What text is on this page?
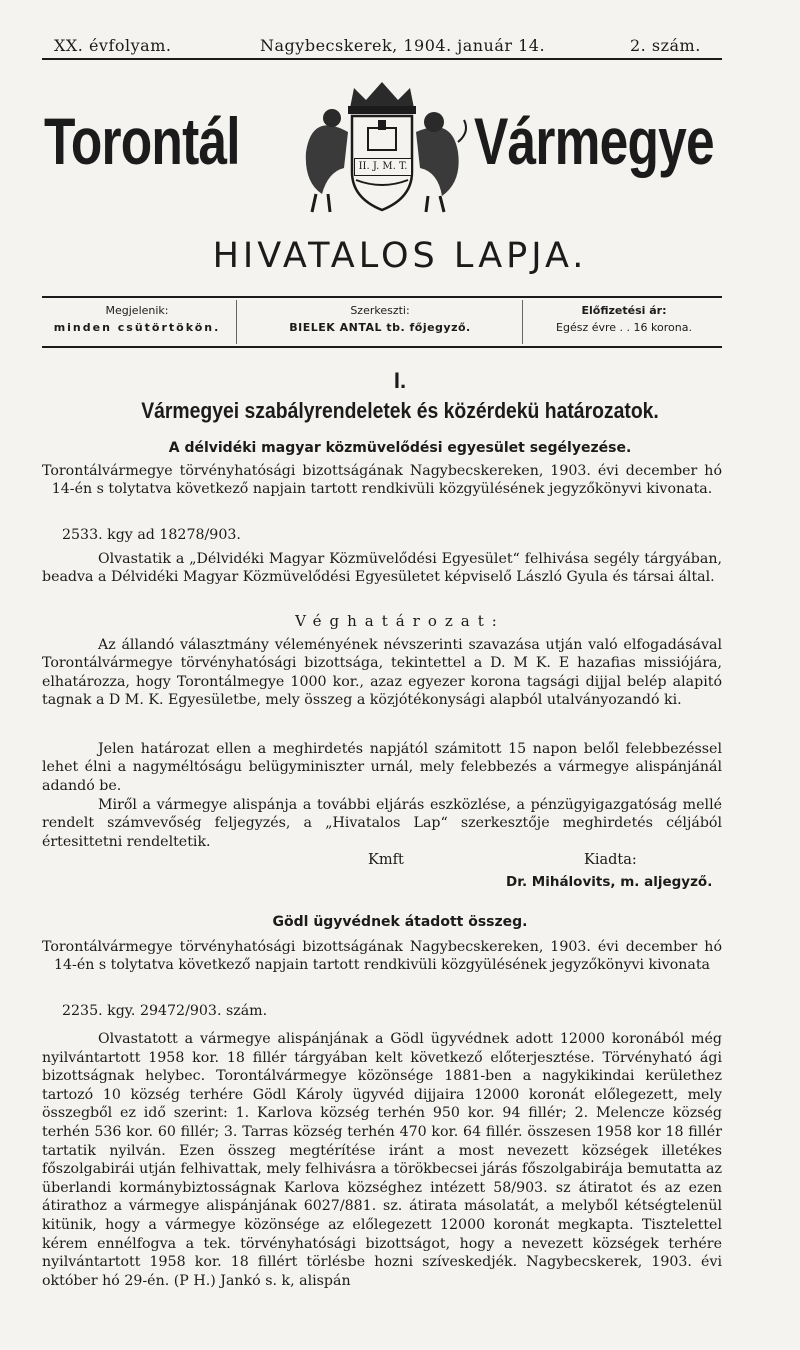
XX. évfolyam.	Nagybecskerek, 1904. január 14.	2. szám.
Torontál	Vármegye
II. J. M. T.
HIVATALOS LAPJA.
Megjelenik:
minden csütörtökön.
Szerkeszti:
BIELEK ANTAL tb. főjegyző.
Előfizetési ár:
Egész évre . . 16 korona.
I.
Vármegyei szabályrendeletek és közérdekü határozatok.
A délvidéki magyar közmüvelődési egyesület segélyezése.
Torontálvármegye törvényhatósági bizottságának Nagybecskereken, 1903. évi december hó 14-én s tolytatva következő napjain tartott rendkivüli közgyülésének jegyzőkönyvi kivonata.
2533. kgy ad 18278/903.
Olvastatik a „Délvidéki Magyar Közmüvelődési Egyesület“ felhivása segély tárgyában, beadva a Délvidéki Magyar Közmüvelődési Egyesületet képviselő László Gyula és társai által.
Véghatározat:
Az állandó választmány véleményének névszerinti szavazása utján való elfogadásával Torontálvármegye törvényhatósági bizottsága, tekintettel a D. M K. E hazafias missiójára, elhatározza, hogy Torontálmegye 1000 kor., azaz egyezer korona tagsági dijjal belép alapitó tagnak a D M. K. Egyesületbe, mely összeg a közjótékonysági alapból utalványozandó ki.
Jelen határozat ellen a meghirdetés napjától számitott 15 napon belől felebbezéssel lehet élni a nagyméltóságu belügyminiszter urnál, mely felebbezés a vármegye alispánjánál adandó be.
Miről a vármegye alispánja a további eljárás eszközlése, a pénzügyigazgatóság mellé rendelt számvevőség feljegyzés, a „Hivatalos Lap“ szerkesztője meghirdetés céljából értesittetni rendeltetik.
Kmft	Kiadta:
Dr. Mihálovits, m. aljegyző.
Gödl ügyvédnek átadott összeg.
Torontálvármegye törvényhatósági bizottságának Nagybecskereken, 1903. évi december hó 14-én s tolytatva következő napjain tartott rendkivüli közgyülésének jegyzőkönyvi kivonata
2235. kgy. 29472/903. szám.
Olvastatott a vármegye alispánjának a Gödl ügyvédnek adott 12000 koronából még nyilvántartott 1958 kor. 18 fillér tárgyában kelt következő előterjesztése. Törvényható ági bizottságnak helybec. Torontálvármegye közönsége 1881-ben a nagykikindai kerülethez tartozó 10 község terhére Gödl Károly ügyvéd dijjaira 12000 koronát előlegezett, mely összegből ez idő szerint: 1. Karlova község terhén 950 kor. 94 fillér; 2. Melencze község terhén 536 kor. 60 fillér; 3. Tarras község terhén 470 kor. 64 fillér. összesen 1958 kor 18 fillér tartatik nyilván. Ezen összeg megtérítése iránt a most nevezett községek illetékes főszolgabirái utján felhivattak, mely felhivásra a törökbecsei járás főszolgabirája bemutatta az überlandi kormánybiztosságnak Karlova községhez intézett 58/903. sz átiratot és az ezen átirathoz a vármegye alispánjának 6027/881. sz. átirata másolatát, a melyből kétségtelenül kitünik, hogy a vármegye közönsége az előlegezett 12000 koronát megkapta. Tisztelettel kérem ennélfogva a tek. törvényhatósági bizottságot, hogy a nevezett községek terhére nyilvántartott 1958 kor. 18 fillért törlésbe hozni szíveskedjék. Nagybecskerek, 1903. évi október hó 29-én. (P H.) Jankó s. k, alispán
